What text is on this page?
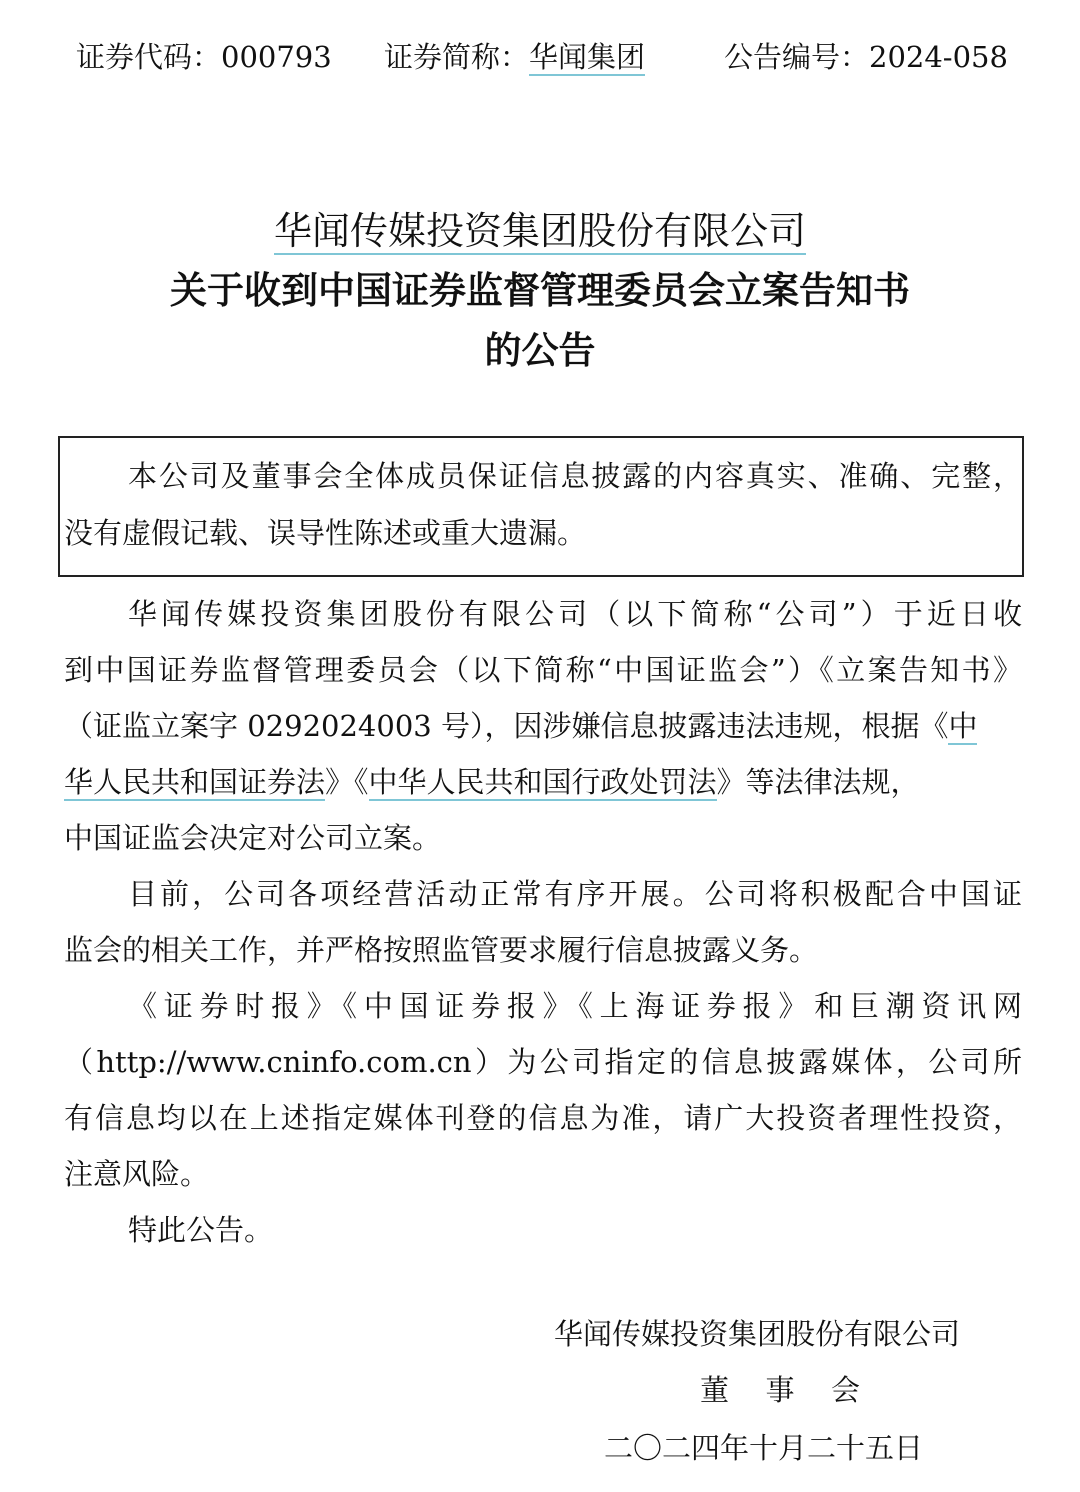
证券代码：000793 证券简称：华闻集团	公告编号：2024-058
华闻传媒投资集团股份有限公司
关于收到中国证券监督管理委员会立案告知书
的公告
本公司及董事会全体成员保证信息披露的内容真实、准确、完整，
没有虚假记载、误导性陈述或重大遗漏。
华闻传媒投资集团股份有限公司（以下简称“公司”）于近日收
到中国证券监督管理委员会（以下简称“中国证监会”）《立案告知书》
（证监立案字 0292024003 号），因涉嫌信息披露违法违规，根据《中
华人民共和国证券法》《中华人民共和国行政处罚法》等法律法规，
中国证监会决定对公司立案。
目前，公司各项经营活动正常有序开展。公司将积极配合中国证
监会的相关工作，并严格按照监管要求履行信息披露义务。
《证券时报》《中国证券报》《上海证券报》和巨潮资讯网
（http://www.cninfo.com.cn）为公司指定的信息披露媒体，公司所
有信息均以在上述指定媒体刊登的信息为准，请广大投资者理性投资，
注意风险。
特此公告。
华闻传媒投资集团股份有限公司
董事会
二〇二四年十月二十五日
